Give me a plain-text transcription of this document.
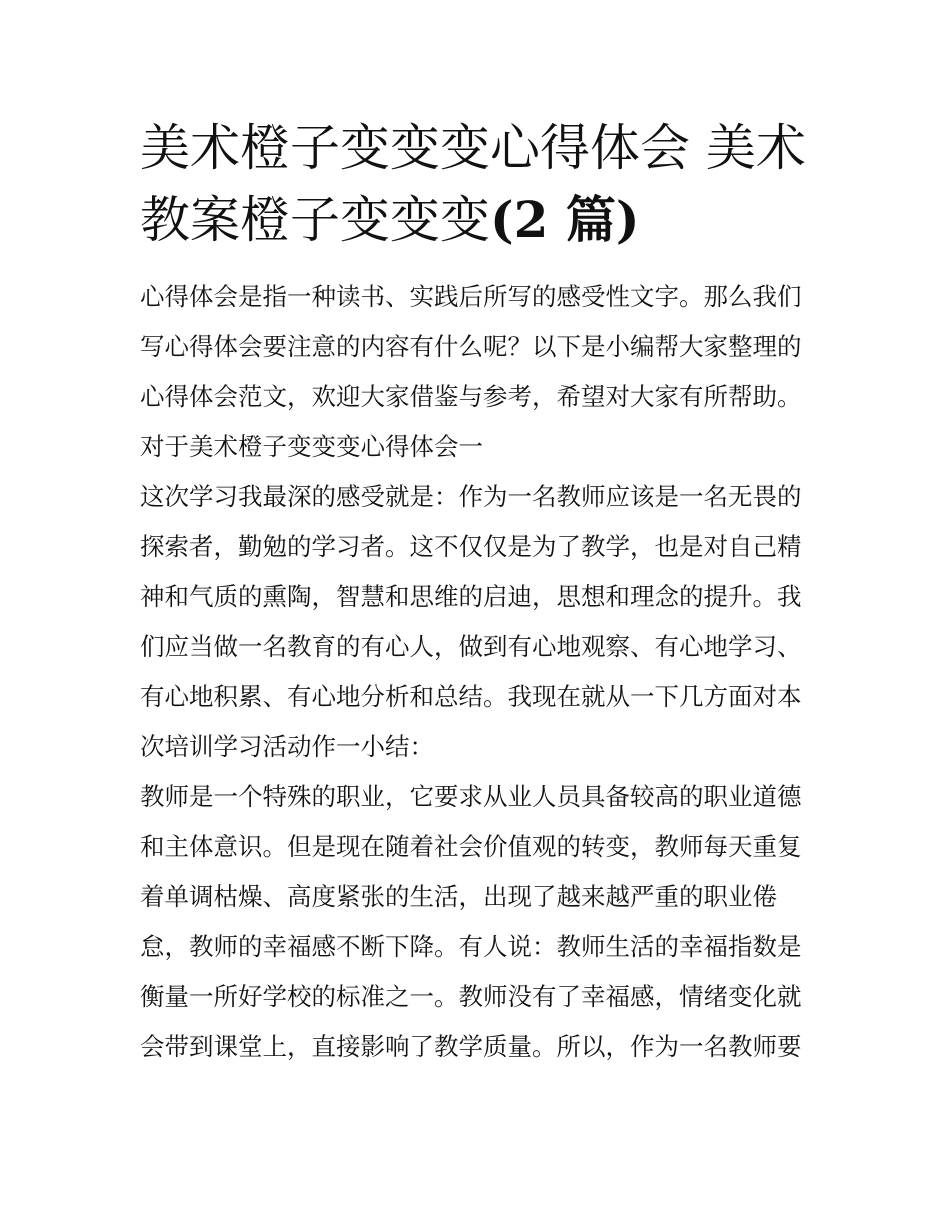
美术橙子变变变心得体会 美术
教案橙子变变变(2 篇)

心得体会是指一种读书、实践后所写的感受性文字。那么我们写心得体会要注意的内容有什么呢？以下是小编帮大家整理的心得体会范文，欢迎大家借鉴与参考，希望对大家有所帮助。

对于美术橙子变变变心得体会一

这次学习我最深的感受就是：作为一名教师应该是一名无畏的探索者，勤勉的学习者。这不仅仅是为了教学，也是对自己精神和气质的熏陶，智慧和思维的启迪，思想和理念的提升。我们应当做一名教育的有心人，做到有心地观察、有心地学习、有心地积累、有心地分析和总结。我现在就从一下几方面对本次培训学习活动作一小结：

教师是一个特殊的职业，它要求从业人员具备较高的职业道德和主体意识。但是现在随着社会价值观的转变，教师每天重复着单调枯燥、高度紧张的生活，出现了越来越严重的职业倦怠，教师的幸福感不断下降。有人说：教师生活的幸福指数是衡量一所好学校的标准之一。教师没有了幸福感，情绪变化就会带到课堂上，直接影响了教学质量。所以，作为一名教师要
